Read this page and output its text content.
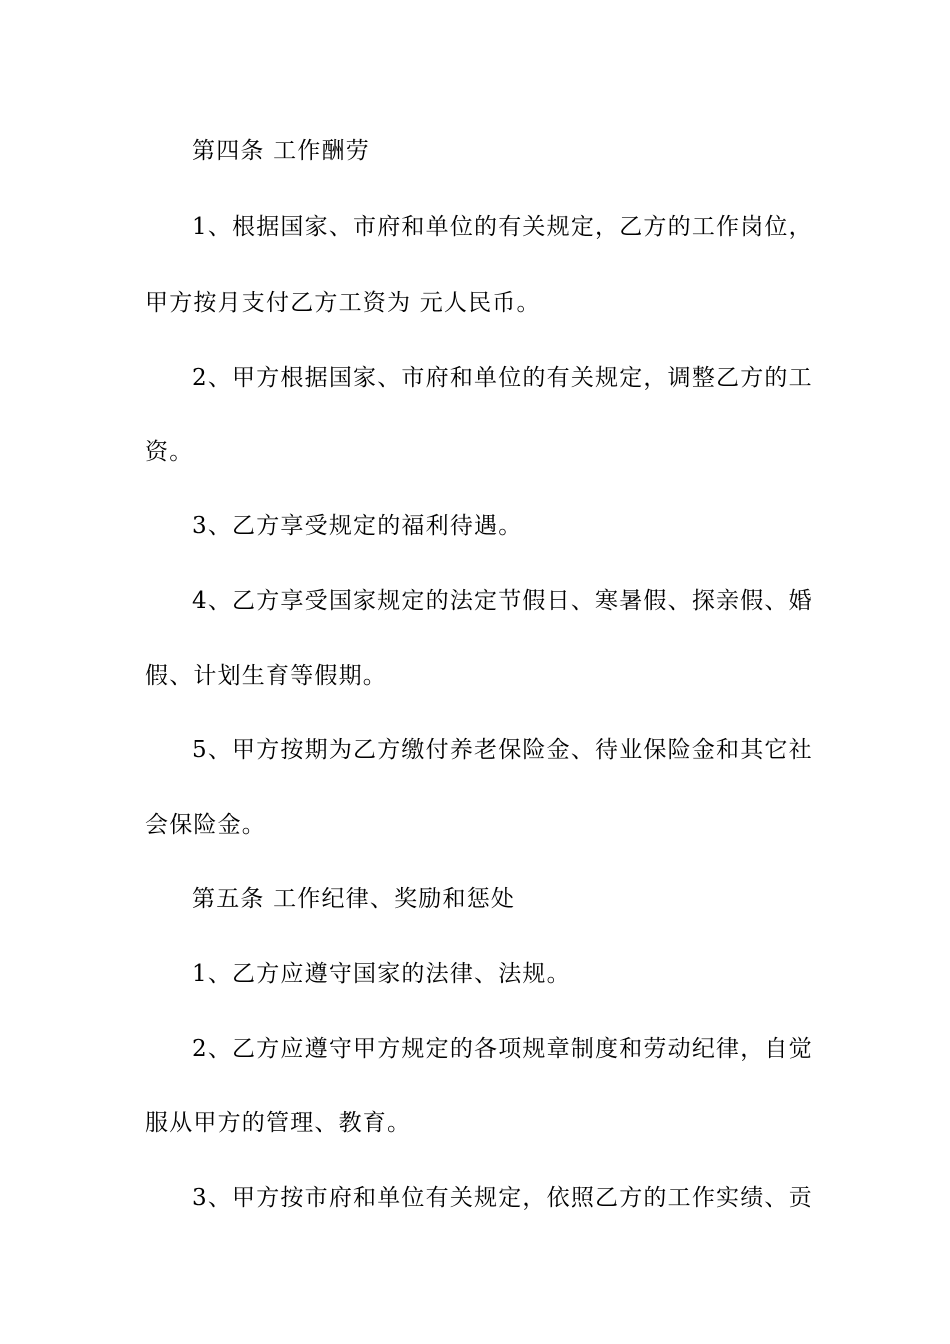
第四条 工作酬劳
1、根据国家、市府和单位的有关规定，乙方的工作岗位，
甲方按月支付乙方工资为 元人民币。
2、甲方根据国家、市府和单位的有关规定，调整乙方的工
资。
3、乙方享受规定的福利待遇。
4、乙方享受国家规定的法定节假日、寒暑假、探亲假、婚
假、计划生育等假期。
5、甲方按期为乙方缴付养老保险金、待业保险金和其它社
会保险金。
第五条 工作纪律、奖励和惩处
1、乙方应遵守国家的法律、法规。
2、乙方应遵守甲方规定的各项规章制度和劳动纪律，自觉
服从甲方的管理、教育。
3、甲方按市府和单位有关规定，依照乙方的工作实绩、贡
